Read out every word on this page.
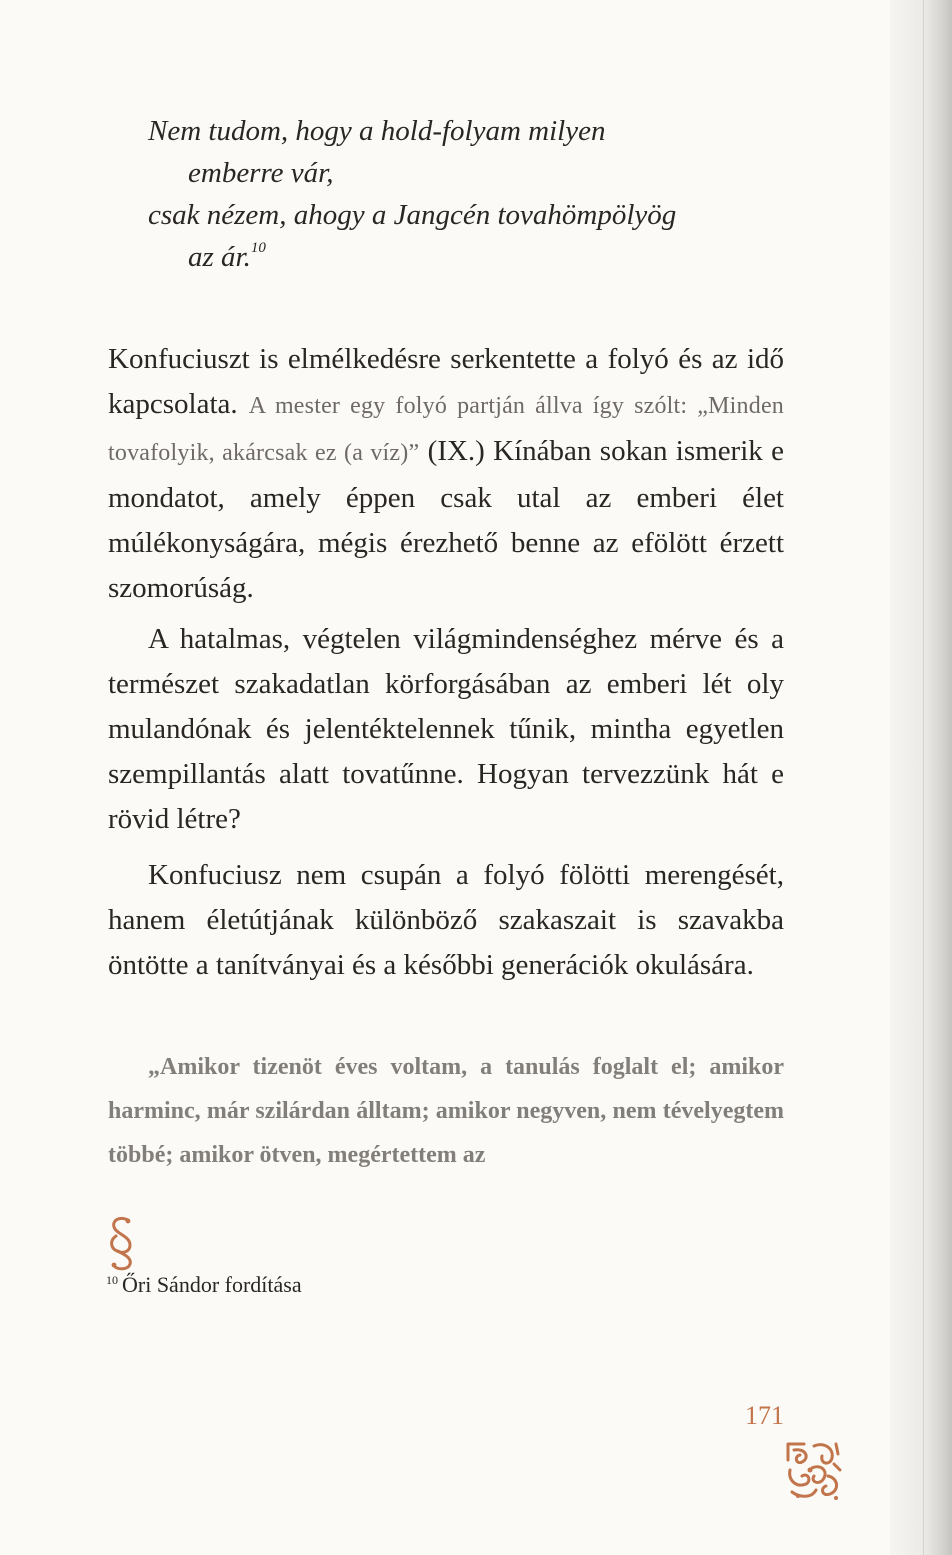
Nem tudom, hogy a hold-folyam milyen
emberre vár,
csak nézem, ahogy a Jangcén tovahömpölyög
az ár.$^{10}$

Konfuciuszt is elmélkedésre serkentette a folyó és az idő kapcsolata. A mester egy folyó partján állva így szólt: „Minden tovafolyik, akárcsak ez (a víz)” (IX.) Kínában sokan ismerik e mondatot, amely éppen csak utal az emberi élet múlékonyságára, mégis érezhető benne az efölött érzett szomorúság.

A hatalmas, végtelen világmindenséghez mérve és a természet szakadatlan körforgásában az emberi lét oly mulandónak és jelentéktelennek tűnik, mintha egyetlen szempillantás alatt tovatűnne. Hogyan tervezzünk hát e rövid létre?

Konfuciusz nem csupán a folyó fölötti merengését, hanem életútjának különböző szakaszait is szavakba öntötte a tanítványai és a későbbi generációk okulására.

„Amikor tizenöt éves voltam, a tanulás foglalt el; amikor harminc, már szilárdan álltam; amikor negyven, nem tévelyegtem többé; amikor ötven, megértettem az
$^{10}$ Őri Sándor fordítása
171
